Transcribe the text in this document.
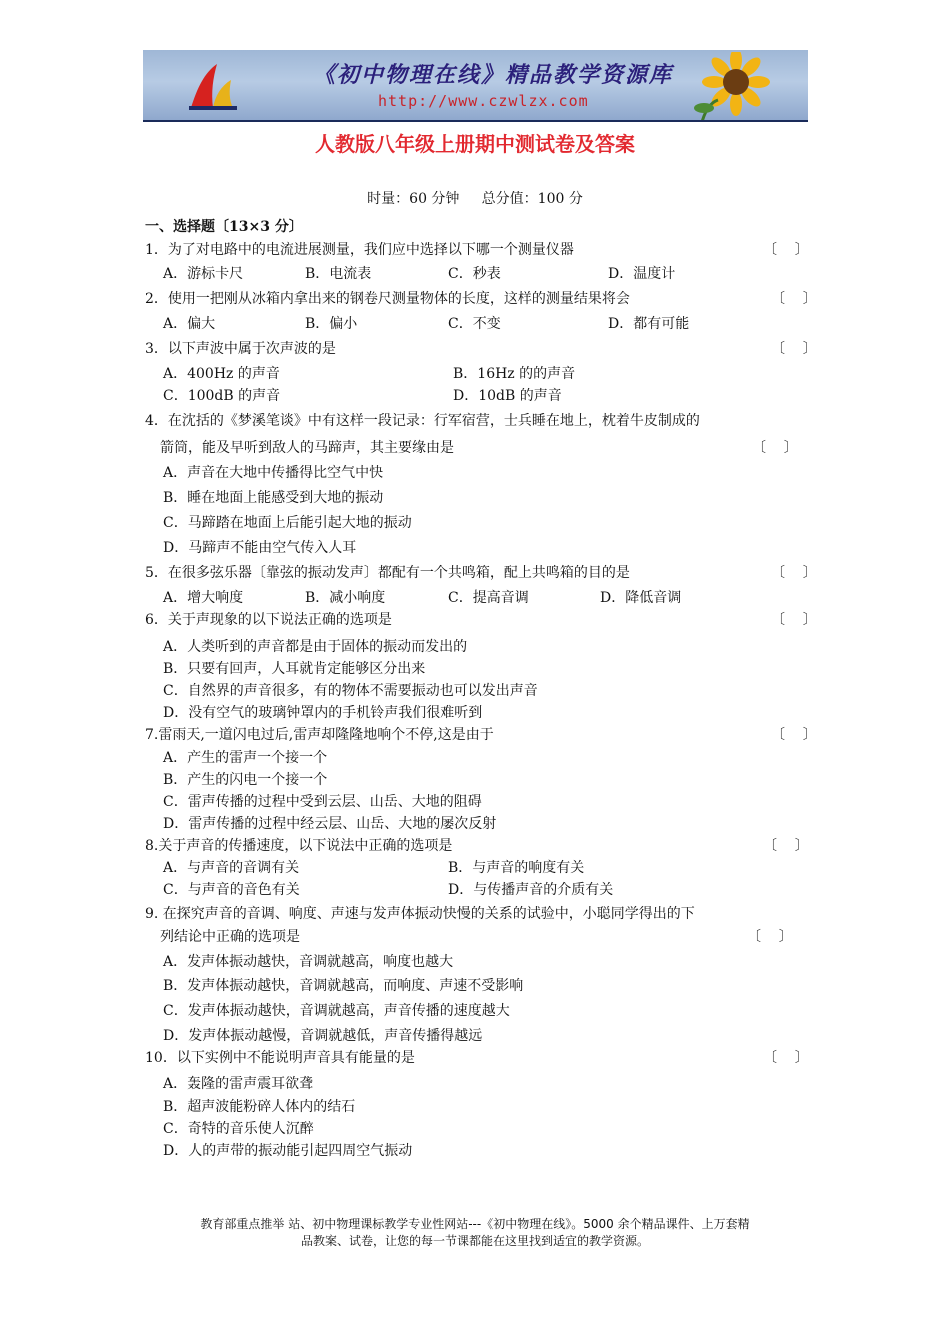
《初中物理在线》精品教学资源库
http://www.czwlzx.com
人教版八年级上册期中测试卷及答案
时量：60 分钟     总分值：100 分
一、选择题〔13×3 分〕
1．为了对电路中的电流进展测量，我们应中选择以下哪一个测量仪器	〔    〕
A．游标卡尺	B．电流表	C．秒表	D．温度计
2．使用一把刚从冰箱内拿出来的钢卷尺测量物体的长度，这样的测量结果将会	〔    〕
A．偏大	B．偏小	C．不变	D．都有可能
3．以下声波中属于次声波的是	〔    〕
A．400Hz 的声音	B．16Hz 的的声音
C．100dB 的声音	D．10dB 的声音
4．在沈括的《梦溪笔谈》中有这样一段记录：行军宿营，士兵睡在地上，枕着牛皮制成的
箭筒，能及早听到敌人的马蹄声，其主要缘由是	〔    〕
A．声音在大地中传播得比空气中快
B．睡在地面上能感受到大地的振动
C．马蹄踏在地面上后能引起大地的振动
D．马蹄声不能由空气传入人耳
5．在很多弦乐器〔靠弦的振动发声〕都配有一个共鸣箱，配上共鸣箱的目的是	〔    〕
A．增大响度	B．减小响度	C．提高音调	D．降低音调
6．关于声现象的以下说法正确的选项是	〔    〕
A．人类听到的声音都是由于固体的振动而发出的
B．只要有回声，人耳就肯定能够区分出来
C．自然界的声音很多，有的物体不需要振动也可以发出声音
D．没有空气的玻璃钟罩内的手机铃声我们很难听到
7.雷雨天,一道闪电过后,雷声却隆隆地响个不停,这是由于	〔    〕
A．产生的雷声一个接一个
B．产生的闪电一个接一个
C．雷声传播的过程中受到云层、山岳、大地的阻碍
D．雷声传播的过程中经云层、山岳、大地的屡次反射
8.关于声音的传播速度，以下说法中正确的选项是	〔    〕
A．与声音的音调有关	B．与声音的响度有关
C．与声音的音色有关	D．与传播声音的介质有关
9. 在探究声音的音调、响度、声速与发声体振动快慢的关系的试验中，小聪同学得出的下
列结论中正确的选项是	〔    〕
A．发声体振动越快，音调就越高，响度也越大
B．发声体振动越快，音调就越高，而响度、声速不受影响
C．发声体振动越快，音调就越高，声音传播的速度越大
D．发声体振动越慢，音调就越低，声音传播得越远
10．以下实例中不能说明声音具有能量的是	〔    〕
A．轰隆的雷声震耳欲聋
B．超声波能粉碎人体内的结石
C．奇特的音乐使人沉醉
D．人的声带的振动能引起四周空气振动
教育部重点推举 站、初中物理课标教学专业性网站---《初中物理在线》。5000 余个精品课件、上万套精
品教案、试卷，让您的每一节课都能在这里找到适宜的教学资源。
